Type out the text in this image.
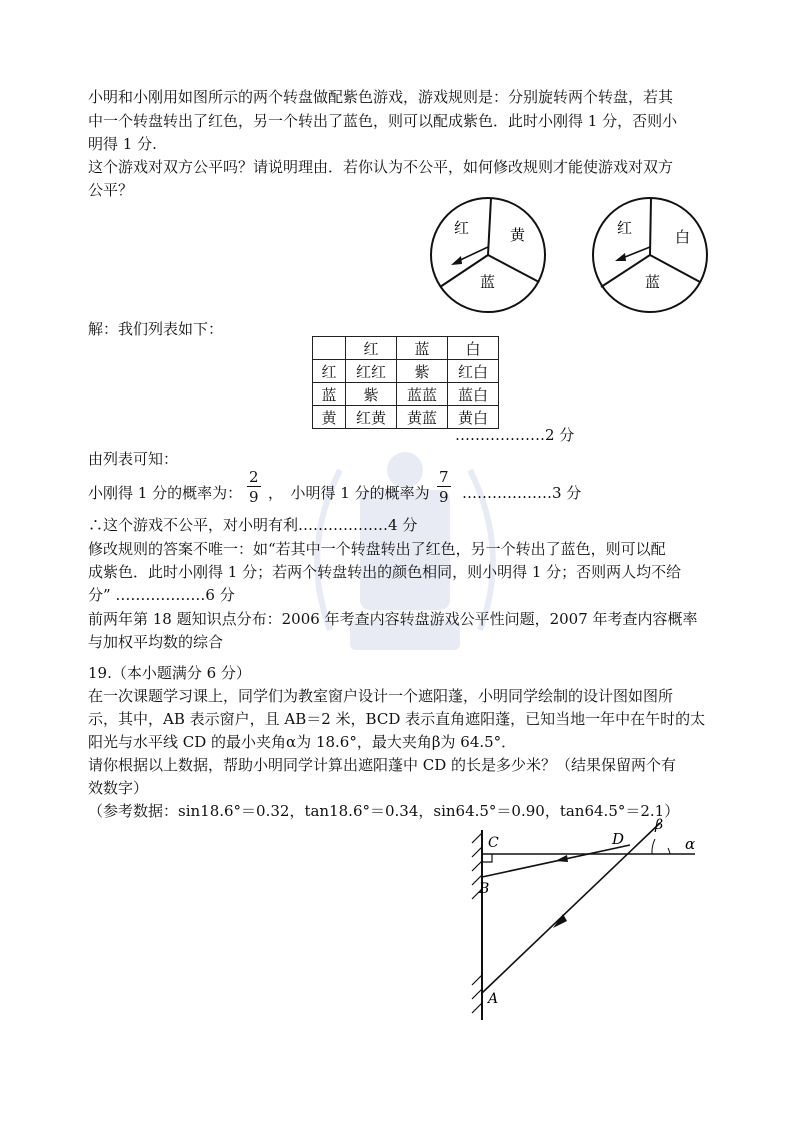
小明和小刚用如图所示的两个转盘做配紫色游戏，游戏规则是：分别旋转两个转盘，若其
中一个转盘转出了红色，另一个转出了蓝色，则可以配成紫色．此时小刚得 1 分，否则小
明得 1 分.
这个游戏对双方公平吗？请说明理由．若你认为不公平，如何修改规则才能使游戏对双方
公平？
红	黄
蓝
红	白
蓝
解：我们列表如下：
	红	蓝	白
红	红红	紫	红白
蓝	紫	蓝蓝	蓝白
黄	红黄	黄蓝	黄白
………………2 分
由列表可知：
小刚得 1 分的概率为： $\frac{2}{9}$ ，　小明得 1 分的概率为 $\frac{7}{9}$ ………………3 分
∴这个游戏不公平，对小明有利………………4 分
修改规则的答案不唯一：如“若其中一个转盘转出了红色，另一个转出了蓝色，则可以配
成紫色．此时小刚得 1 分；若两个转盘转出的颜色相同，则小明得 1 分；否则两人均不给
分” ………………6 分
前两年第 18 题知识点分布：2006 年考查内容转盘游戏公平性问题，2007 年考查内容概率
与加权平均数的综合
19.（本小题满分 6 分）
在一次课题学习课上，同学们为教室窗户设计一个遮阳蓬，小明同学绘制的设计图如图所
示，其中，AB 表示窗户，且 AB＝2 米，BCD 表示直角遮阳蓬，已知当地一年中在午时的太
阳光与水平线 CD 的最小夹角α为 18.6°，最大夹角β为 64.5°．
请你根据以上数据，帮助小明同学计算出遮阳蓬中 CD 的长是多少米？（结果保留两个有
效数字）
（参考数据：sin18.6°＝0.32，tan18.6°＝0.34，sin64.5°＝0.90，tan64.5°＝2.1）
C
B
A
D
β
α
